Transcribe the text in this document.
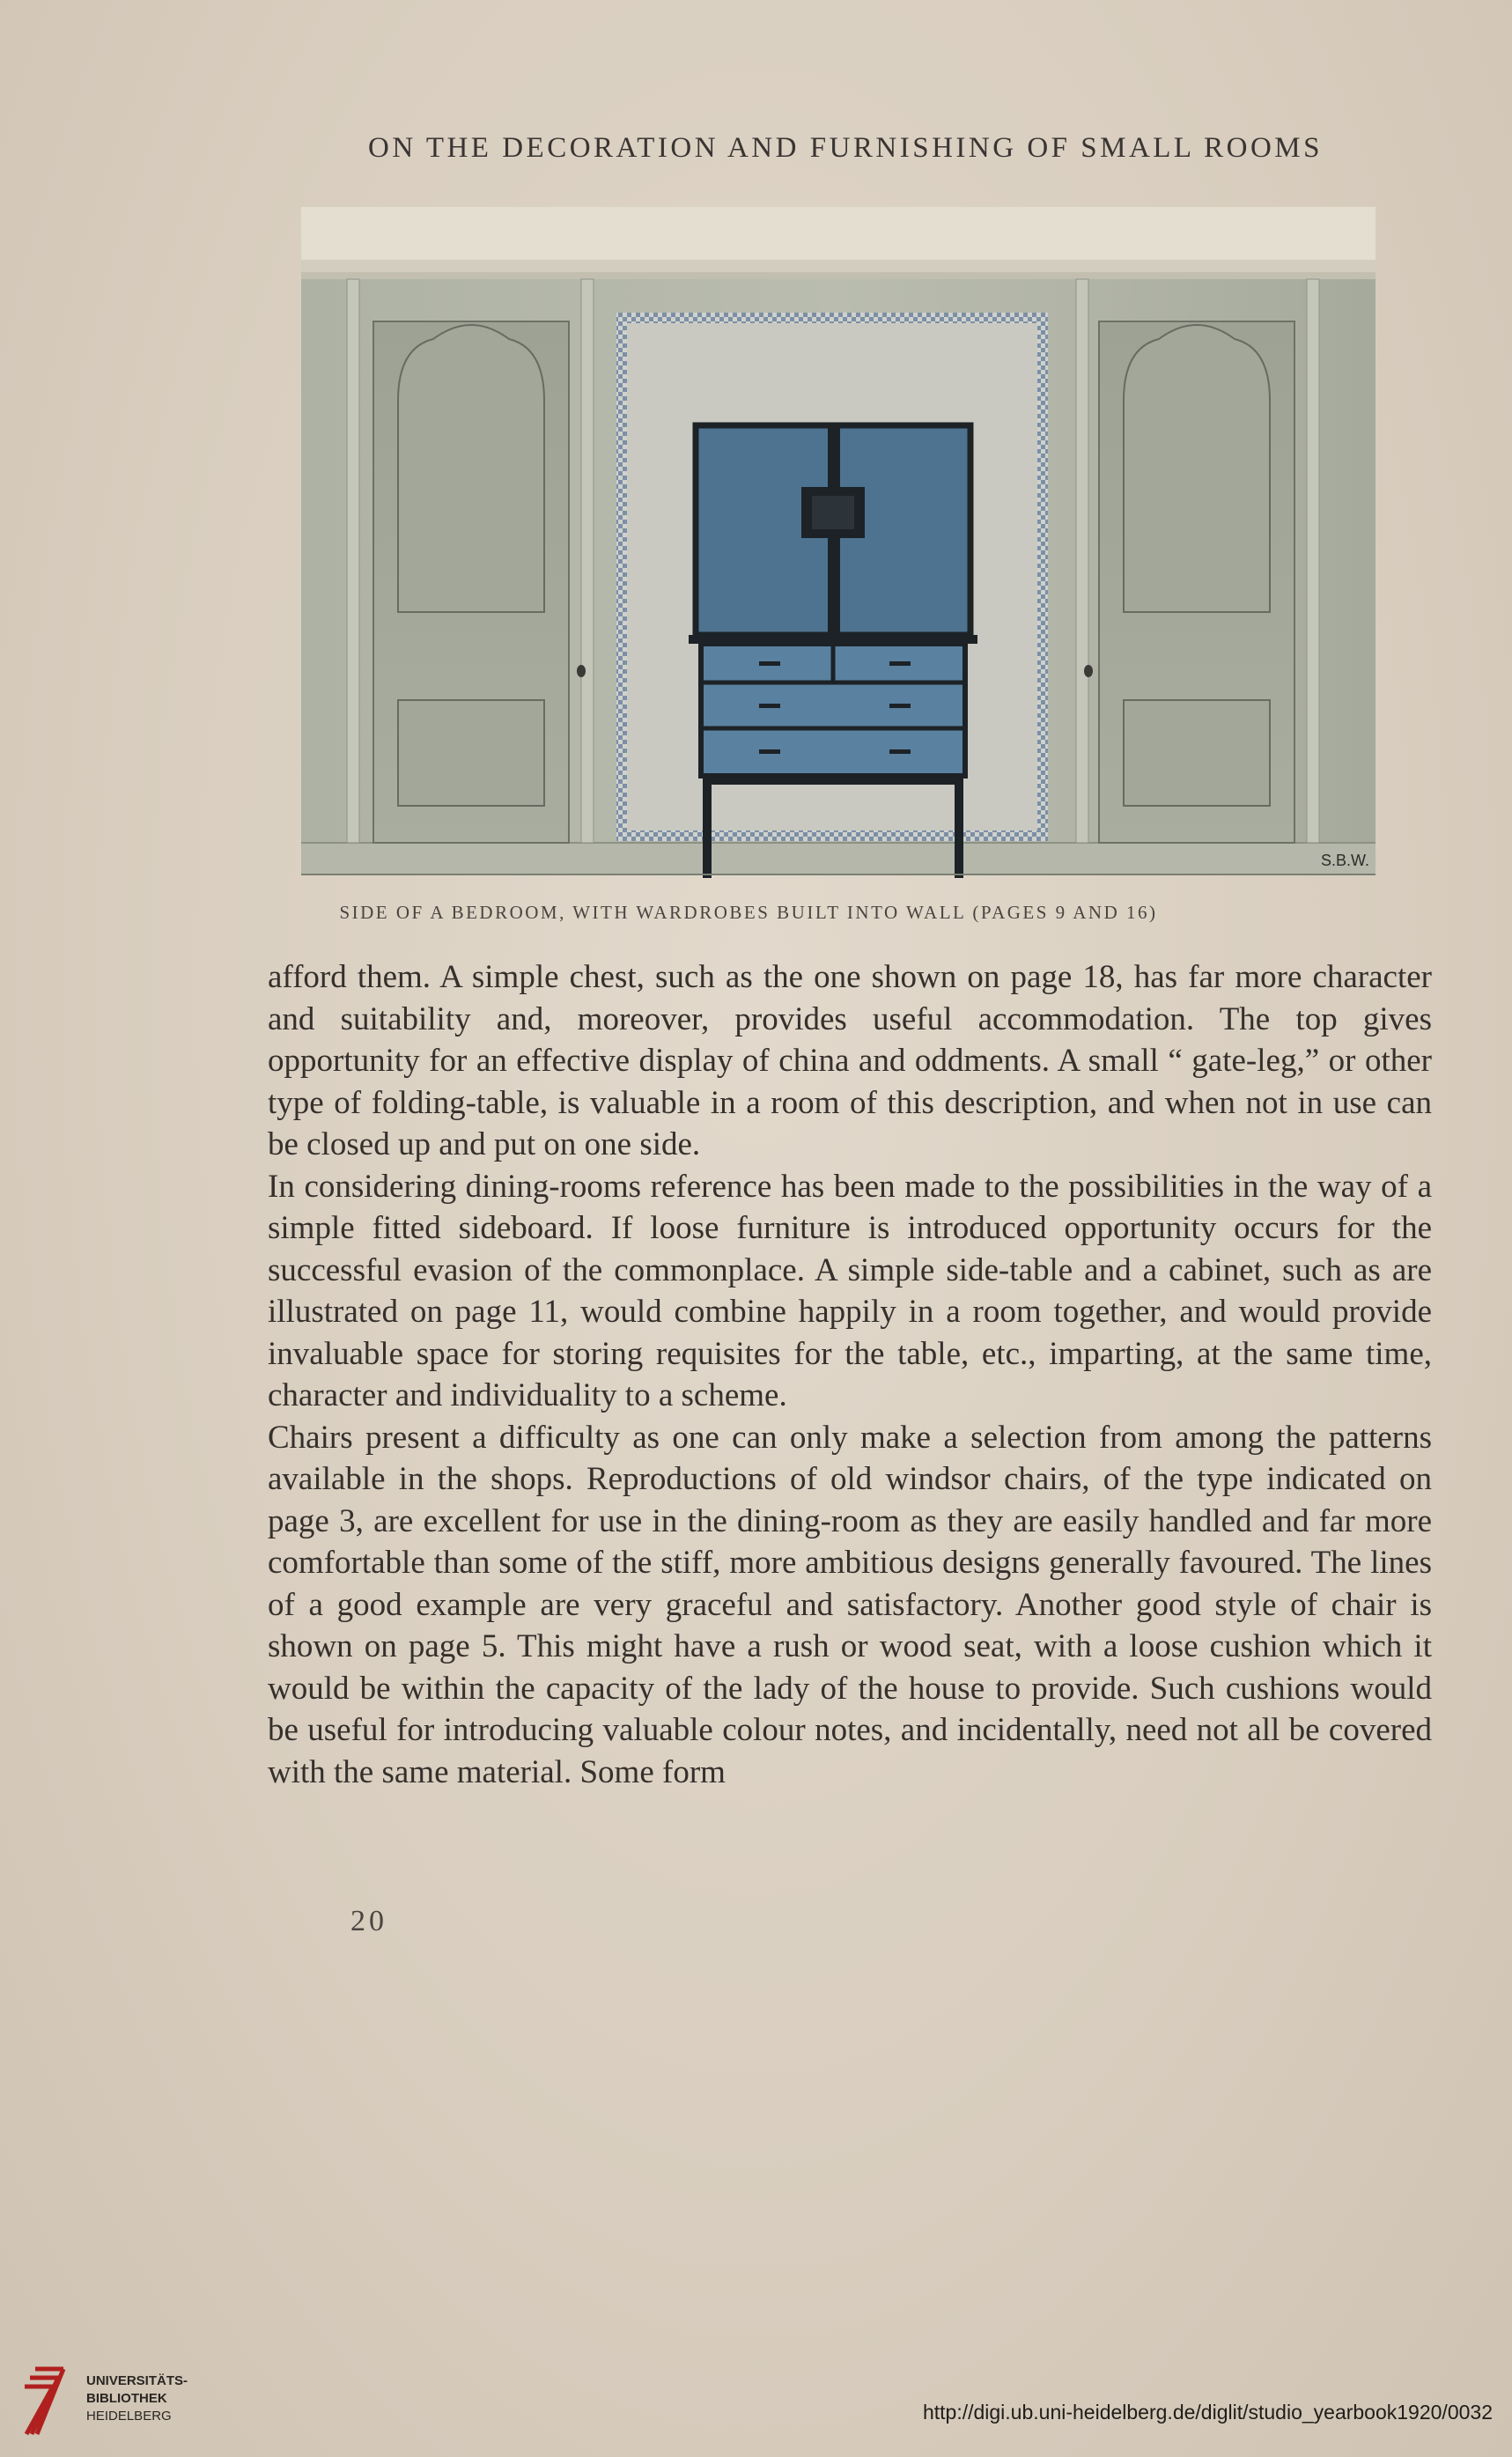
ON THE DECORATION AND FURNISHING OF SMALL ROOMS
S.B.W.
SIDE OF A BEDROOM, WITH WARDROBES BUILT INTO WALL (PAGES 9 AND 16)

afford them. A simple chest, such as the one shown on page 18, has far more character and suitability and, moreover, provides useful accommodation. The top gives opportunity for an effective display of china and oddments. A small “ gate-leg,” or other type of folding-table, is valuable in a room of this description, and when not in use can be closed up and put on one side.

In considering dining-rooms reference has been made to the possibilities in the way of a simple fitted sideboard. If loose furniture is introduced opportunity occurs for the successful evasion of the commonplace. A simple side-table and a cabinet, such as are illustrated on page 11, would combine happily in a room together, and would provide invaluable space for storing requisites for the table, etc., imparting, at the same time, character and individuality to a scheme.

Chairs present a difficulty as one can only make a selection from among the patterns available in the shops. Reproductions of old windsor chairs, of the type indicated on page 3, are excellent for use in the dining-room as they are easily handled and far more comfortable than some of the stiff, more ambitious designs generally favoured. The lines of a good example are very graceful and satisfactory. Another good style of chair is shown on page 5. This might have a rush or wood seat, with a loose cushion which it would be within the capacity of the lady of the house to provide. Such cushions would be useful for introducing valuable colour notes, and incidentally, need not all be covered with the same material. Some form

20
UNIVERSITÄTS-
BIBLIOTHEK
HEIDELBERG	http://digi.ub.uni-heidelberg.de/diglit/studio_yearbook1920/0032
